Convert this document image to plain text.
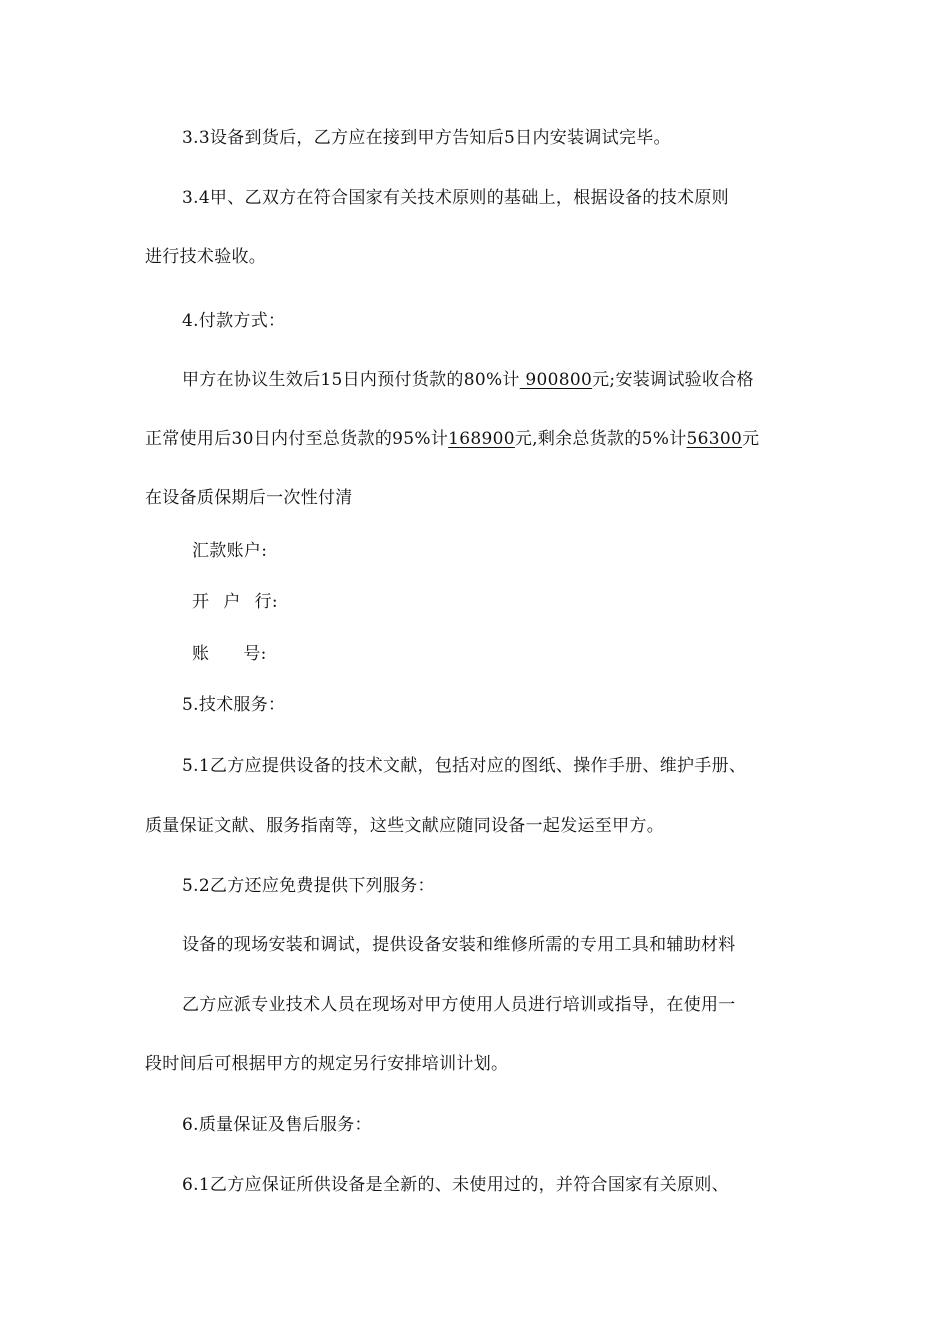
3.3设备到货后，乙方应在接到甲方告知后5日内安装调试完毕。
3.4甲、乙双方在符合国家有关技术原则的基础上，根据设备的技术原则
进行技术验收。
4.付款方式：
甲方在协议生效后15日内预付货款的80%计 900800元;安装调试验收合格
正常使用后30日内付至总货款的95%计168900元,剩余总货款的5%计56300元
在设备质保期后一次性付清
汇款账户:
开 户 行:
账 号:
5.技术服务：
5.1乙方应提供设备的技术文献，包括对应的图纸、操作手册、维护手册、
质量保证文献、服务指南等，这些文献应随同设备一起发运至甲方。
5.2乙方还应免费提供下列服务：
设备的现场安装和调试，提供设备安装和维修所需的专用工具和辅助材料
乙方应派专业技术人员在现场对甲方使用人员进行培训或指导，在使用一
段时间后可根据甲方的规定另行安排培训计划。
6.质量保证及售后服务：
6.1乙方应保证所供设备是全新的、未使用过的，并符合国家有关原则、
